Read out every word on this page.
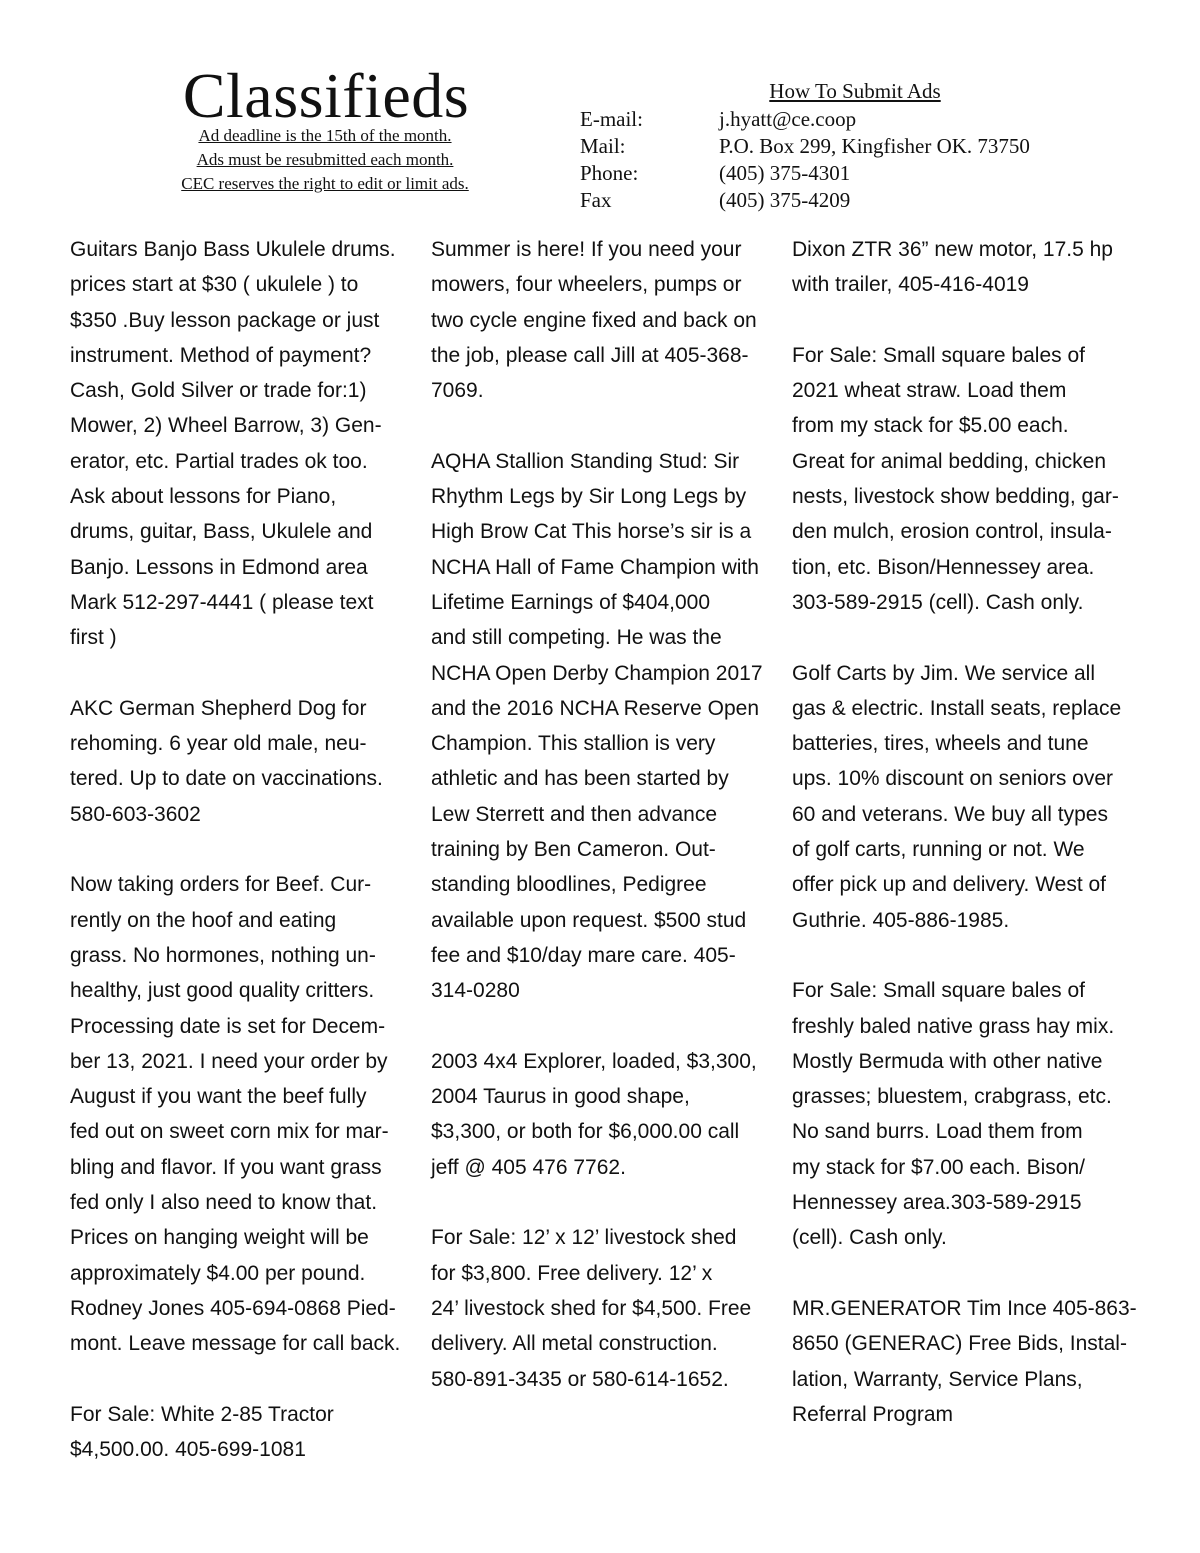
Classifieds
Ad deadline is the 15th of the month.
Ads must be resubmitted each month.
CEC reserves the right to edit or limit ads.
How To Submit Ads
E-mail:	j.hyatt@ce.coop
Mail:	P.O. Box 299, Kingfisher OK. 73750
Phone:	(405) 375-4301
Fax	(405) 375-4209
Guitars Banjo Bass Ukulele drums.
prices start at $30 ( ukulele ) to
$350 .Buy lesson package or just
instrument. Method of payment?
Cash, Gold Silver or trade for:1)
Mower, 2) Wheel Barrow, 3) Gen-
erator, etc. Partial trades ok too.
Ask about lessons for Piano,
drums, guitar, Bass, Ukulele and
Banjo. Lessons in Edmond area
Mark 512-297-4441 ( please text
first )
AKC German Shepherd Dog for
rehoming. 6 year old male, neu-
tered. Up to date on vaccinations.
580-603-3602
Now taking orders for Beef. Cur-
rently on the hoof and eating
grass. No hormones, nothing un-
healthy, just good quality critters.
Processing date is set for Decem-
ber 13, 2021. I need your order by
August if you want the beef fully
fed out on sweet corn mix for mar-
bling and flavor. If you want grass
fed only I also need to know that.
Prices on hanging weight will be
approximately $4.00 per pound.
Rodney Jones 405-694-0868 Pied-
mont. Leave message for call back.
For Sale: White 2-85 Tractor
$4,500.00. 405-699-1081
Summer is here! If you need your
mowers, four wheelers, pumps or
two cycle engine fixed and back on
the job, please call Jill at 405-368-
7069.
AQHA Stallion Standing Stud: Sir
Rhythm Legs by Sir Long Legs by
High Brow Cat This horse’s sir is a
NCHA Hall of Fame Champion with
Lifetime Earnings of $404,000
and still competing. He was the
NCHA Open Derby Champion 2017
and the 2016 NCHA Reserve Open
Champion. This stallion is very
athletic and has been started by
Lew Sterrett and then advance
training by Ben Cameron. Out-
standing bloodlines, Pedigree
available upon request. $500 stud
fee and $10/day mare care. 405-
314-0280
2003 4x4 Explorer, loaded, $3,300,
2004 Taurus in good shape,
$3,300, or both for $6,000.00 call
jeff @ 405 476 7762.
For Sale: 12’ x 12’ livestock shed
for $3,800. Free delivery. 12’ x
24’ livestock shed for $4,500. Free
delivery. All metal construction.
580-891-3435 or 580-614-1652.
Dixon ZTR 36” new motor, 17.5 hp
with trailer, 405-416-4019
For Sale: Small square bales of
2021 wheat straw. Load them
from my stack for $5.00 each.
Great for animal bedding, chicken
nests, livestock show bedding, gar-
den mulch, erosion control, insula-
tion, etc. Bison/Hennessey area.
303-589-2915 (cell). Cash only.
Golf Carts by Jim. We service all
gas & electric. Install seats, replace
batteries, tires, wheels and tune
ups. 10% discount on seniors over
60 and veterans. We buy all types
of golf carts, running or not. We
offer pick up and delivery. West of
Guthrie. 405-886-1985.
For Sale: Small square bales of
freshly baled native grass hay mix.
Mostly Bermuda with other native
grasses; bluestem, crabgrass, etc.
No sand burrs. Load them from
my stack for $7.00 each. Bison/
Hennessey area.303-589-2915
(cell). Cash only.
MR.GENERATOR Tim Ince 405-863-
8650 (GENERAC) Free Bids, Instal-
lation, Warranty, Service Plans,
Referral Program
